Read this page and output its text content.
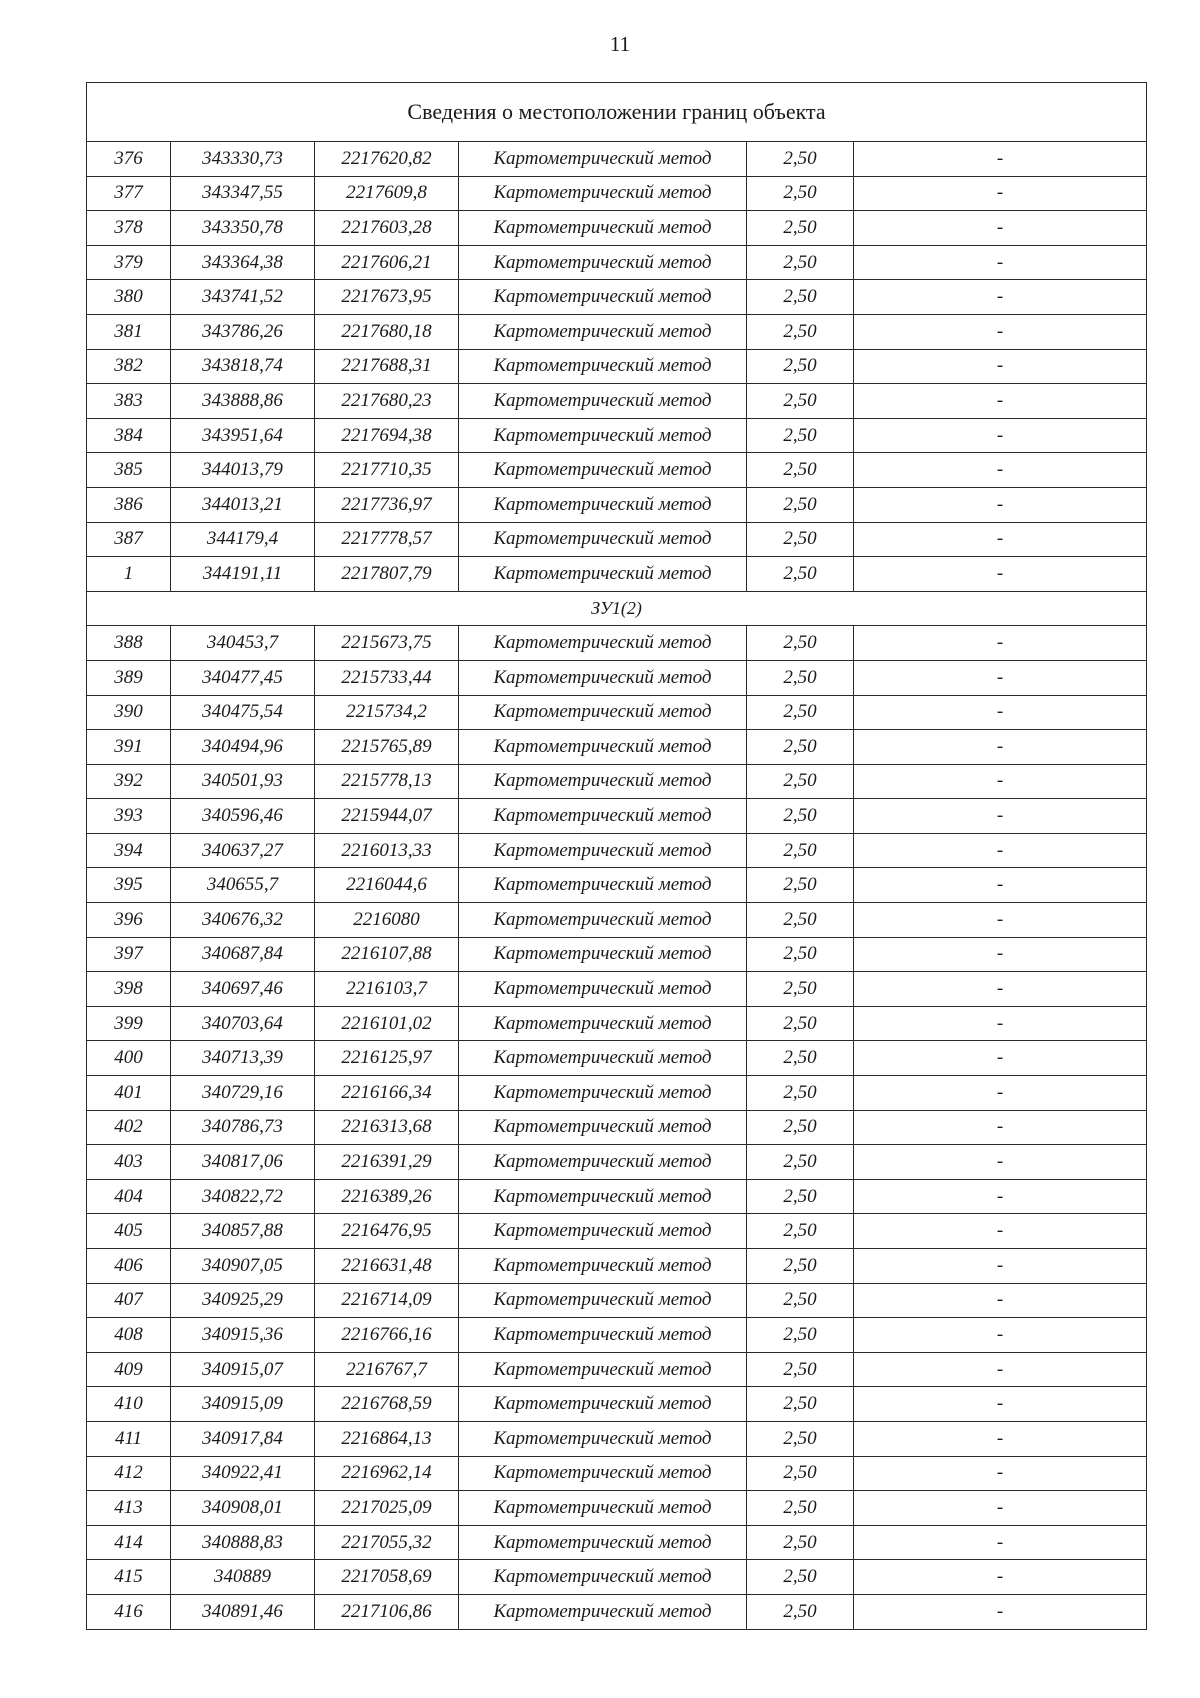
11
Сведения о местоположении границ объекта					
376	343330,73	2217620,82	Картометрический метод	2,50	-
377	343347,55	2217609,8	Картометрический метод	2,50	-
378	343350,78	2217603,28	Картометрический метод	2,50	-
379	343364,38	2217606,21	Картометрический метод	2,50	-
380	343741,52	2217673,95	Картометрический метод	2,50	-
381	343786,26	2217680,18	Картометрический метод	2,50	-
382	343818,74	2217688,31	Картометрический метод	2,50	-
383	343888,86	2217680,23	Картометрический метод	2,50	-
384	343951,64	2217694,38	Картометрический метод	2,50	-
385	344013,79	2217710,35	Картометрический метод	2,50	-
386	344013,21	2217736,97	Картометрический метод	2,50	-
387	344179,4	2217778,57	Картометрический метод	2,50	-
1	344191,11	2217807,79	Картометрический метод	2,50	-
ЗУ1(2)					
388	340453,7	2215673,75	Картометрический метод	2,50	-
389	340477,45	2215733,44	Картометрический метод	2,50	-
390	340475,54	2215734,2	Картометрический метод	2,50	-
391	340494,96	2215765,89	Картометрический метод	2,50	-
392	340501,93	2215778,13	Картометрический метод	2,50	-
393	340596,46	2215944,07	Картометрический метод	2,50	-
394	340637,27	2216013,33	Картометрический метод	2,50	-
395	340655,7	2216044,6	Картометрический метод	2,50	-
396	340676,32	2216080	Картометрический метод	2,50	-
397	340687,84	2216107,88	Картометрический метод	2,50	-
398	340697,46	2216103,7	Картометрический метод	2,50	-
399	340703,64	2216101,02	Картометрический метод	2,50	-
400	340713,39	2216125,97	Картометрический метод	2,50	-
401	340729,16	2216166,34	Картометрический метод	2,50	-
402	340786,73	2216313,68	Картометрический метод	2,50	-
403	340817,06	2216391,29	Картометрический метод	2,50	-
404	340822,72	2216389,26	Картометрический метод	2,50	-
405	340857,88	2216476,95	Картометрический метод	2,50	-
406	340907,05	2216631,48	Картометрический метод	2,50	-
407	340925,29	2216714,09	Картометрический метод	2,50	-
408	340915,36	2216766,16	Картометрический метод	2,50	-
409	340915,07	2216767,7	Картометрический метод	2,50	-
410	340915,09	2216768,59	Картометрический метод	2,50	-
411	340917,84	2216864,13	Картометрический метод	2,50	-
412	340922,41	2216962,14	Картометрический метод	2,50	-
413	340908,01	2217025,09	Картометрический метод	2,50	-
414	340888,83	2217055,32	Картометрический метод	2,50	-
415	340889	2217058,69	Картометрический метод	2,50	-
416	340891,46	2217106,86	Картометрический метод	2,50	-
